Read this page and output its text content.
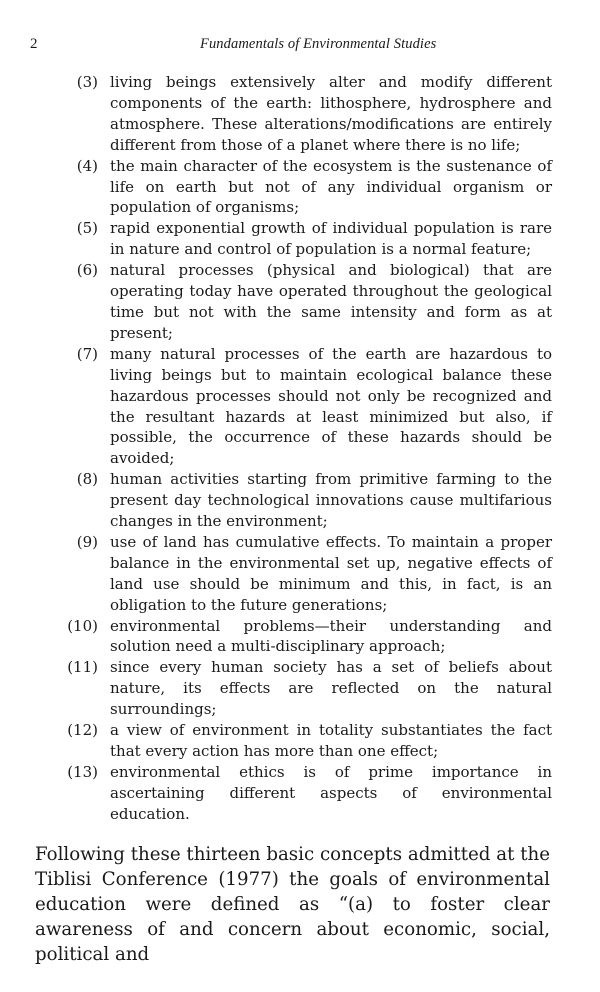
2	Fundamentals of Environmental Studies
(3) living beings extensively alter and modify different components of the earth: lithosphere, hydrosphere and atmosphere. These alterations/modifications are entirely different from those of a planet where there is no life;
(4) the main character of the ecosystem is the sustenance of life on earth but not of any individual organism or population of organisms;
(5) rapid exponential growth of individual population is rare in nature and control of population is a normal feature;
(6) natural processes (physical and biological) that are operating today have operated throughout the geological time but not with the same intensity and form as at present;
(7) many natural processes of the earth are hazardous to living beings but to maintain ecological balance these hazardous processes should not only be recognized and the resultant hazards at least minimized but also, if possible, the occurrence of these hazards should be avoided;
(8) human activities starting from primitive farming to the present day technological innovations cause multifarious changes in the environment;
(9) use of land has cumulative effects. To maintain a proper balance in the environmental set up, negative effects of land use should be minimum and this, in fact, is an obligation to the future generations;
(10) environmental problems—their understanding and solution need a multi-disciplinary approach;
(11) since every human society has a set of beliefs about nature, its effects are reflected on the natural surroundings;
(12) a view of environment in totality substantiates the fact that every action has more than one effect;
(13) environmental ethics is of prime importance in ascertaining different aspects of environmental education.

Following these thirteen basic concepts admitted at the Tiblisi Conference (1977) the goals of environmental education were defined as “(a) to foster clear awareness of and concern about economic, social, political and
